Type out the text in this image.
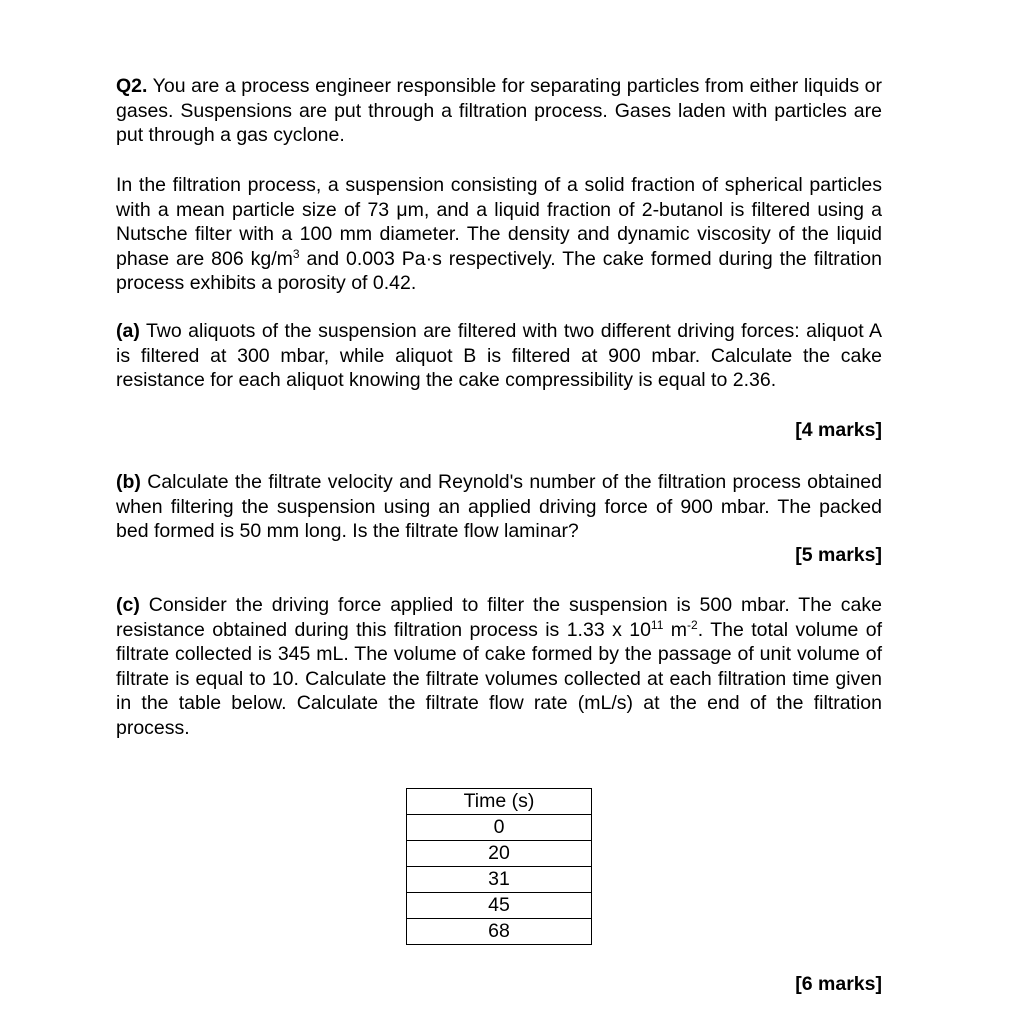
Q2. You are a process engineer responsible for separating particles from either liquids or gases. Suspensions are put through a filtration process. Gases laden with particles are put through a gas cyclone.

In the filtration process, a suspension consisting of a solid fraction of spherical particles with a mean particle size of 73 μm, and a liquid fraction of 2-butanol is filtered using a Nutsche filter with a 100 mm diameter. The density and dynamic viscosity of the liquid phase are 806 $kg/m^3$ and 0.003 Pa·s respectively. The cake formed during the filtration process exhibits a porosity of 0.42.

(a) Two aliquots of the suspension are filtered with two different driving forces: aliquot A is filtered at 300 mbar, while aliquot B is filtered at 900 mbar. Calculate the cake resistance for each aliquot knowing the cake compressibility is equal to 2.36.

[4 marks]

(b) Calculate the filtrate velocity and Reynold's number of the filtration process obtained when filtering the suspension using an applied driving force of 900 mbar. The packed bed formed is 50 mm long. Is the filtrate flow laminar?

[5 marks]

(c) Consider the driving force applied to filter the suspension is 500 mbar. The cake resistance obtained during this filtration process is 1.33 x $10^{11}$ $m^{-2}$. The total volume of filtrate collected is 345 mL. The volume of cake formed by the passage of unit volume of filtrate is equal to 10. Calculate the filtrate volumes collected at each filtration time given in the table below. Calculate the filtrate flow rate (mL/s) at the end of the filtration process.

[6 marks]

Time (s)
0
20
31
45
68
